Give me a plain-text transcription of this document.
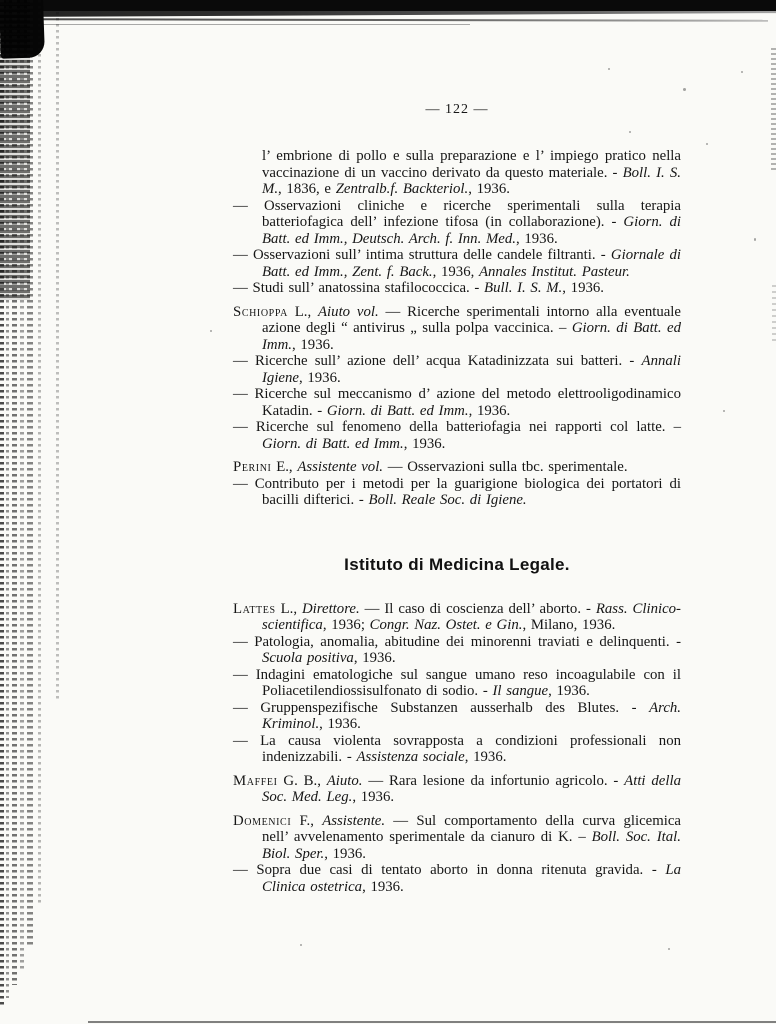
— 122 —

l’ embrione di pollo e sulla preparazione e l’ impiego pratico nella vaccinazione di un vaccino derivato da questo materiale. - Boll. I. S. M., 1836, e Zentralb.f. Backteriol., 1936.

— Osservazioni cliniche e ricerche sperimentali sulla terapia batteriofagica dell’ infezione tifosa (in collaborazione). - Giorn. di Batt. ed Imm., Deutsch. Arch. f. Inn. Med., 1936.

— Osservazioni sull’ intima struttura delle candele filtranti. - Giornale di Batt. ed Imm., Zent. f. Back., 1936, Annales Institut. Pasteur.

— Studi sull’ anatossina stafilococcica. - Bull. I. S. M., 1936.

Schioppa L., Aiuto vol. — Ricerche sperimentali intorno alla eventuale azione degli “ antivirus „ sulla polpa vaccinica. – Giorn. di Batt. ed Imm., 1936.

— Ricerche sull’ azione dell’ acqua Katadinizzata sui batteri. - Annali Igiene, 1936.

— Ricerche sul meccanismo d’ azione del metodo elettrooligodinamico Katadin. - Giorn. di Batt. ed Imm., 1936.

— Ricerche sul fenomeno della batteriofagia nei rapporti col latte. – Giorn. di Batt. ed Imm., 1936.

Perini E., Assistente vol. — Osservazioni sulla tbc. sperimentale.

— Contributo per i metodi per la guarigione biologica dei portatori di bacilli difterici. - Boll. Reale Soc. di Igiene.

Istituto di Medicina Legale.

Lattes L., Direttore. — Il caso di coscienza dell’ aborto. - Rass. Clinico-scientifica, 1936; Congr. Naz. Ostet. e Gin., Milano, 1936.

— Patologia, anomalia, abitudine dei minorenni traviati e delinquenti. - Scuola positiva, 1936.

— Indagini ematologiche sul sangue umano reso incoagulabile con il Poliacetilendiossisulfonato di sodio. - Il sangue, 1936.

— Gruppenspezifische Substanzen ausserhalb des Blutes. - Arch. Kriminol., 1936.

— La causa violenta sovrapposta a condizioni professionali non indenizzabili. - Assistenza sociale, 1936.

Maffei G. B., Aiuto. — Rara lesione da infortunio agricolo. - Atti della Soc. Med. Leg., 1936.

Domenici F., Assistente. — Sul comportamento della curva glicemica nell’ avvelenamento sperimentale da cianuro di K. – Boll. Soc. Ital. Biol. Sper., 1936.

— Sopra due casi di tentato aborto in donna ritenuta gravida. - La Clinica ostetrica, 1936.
